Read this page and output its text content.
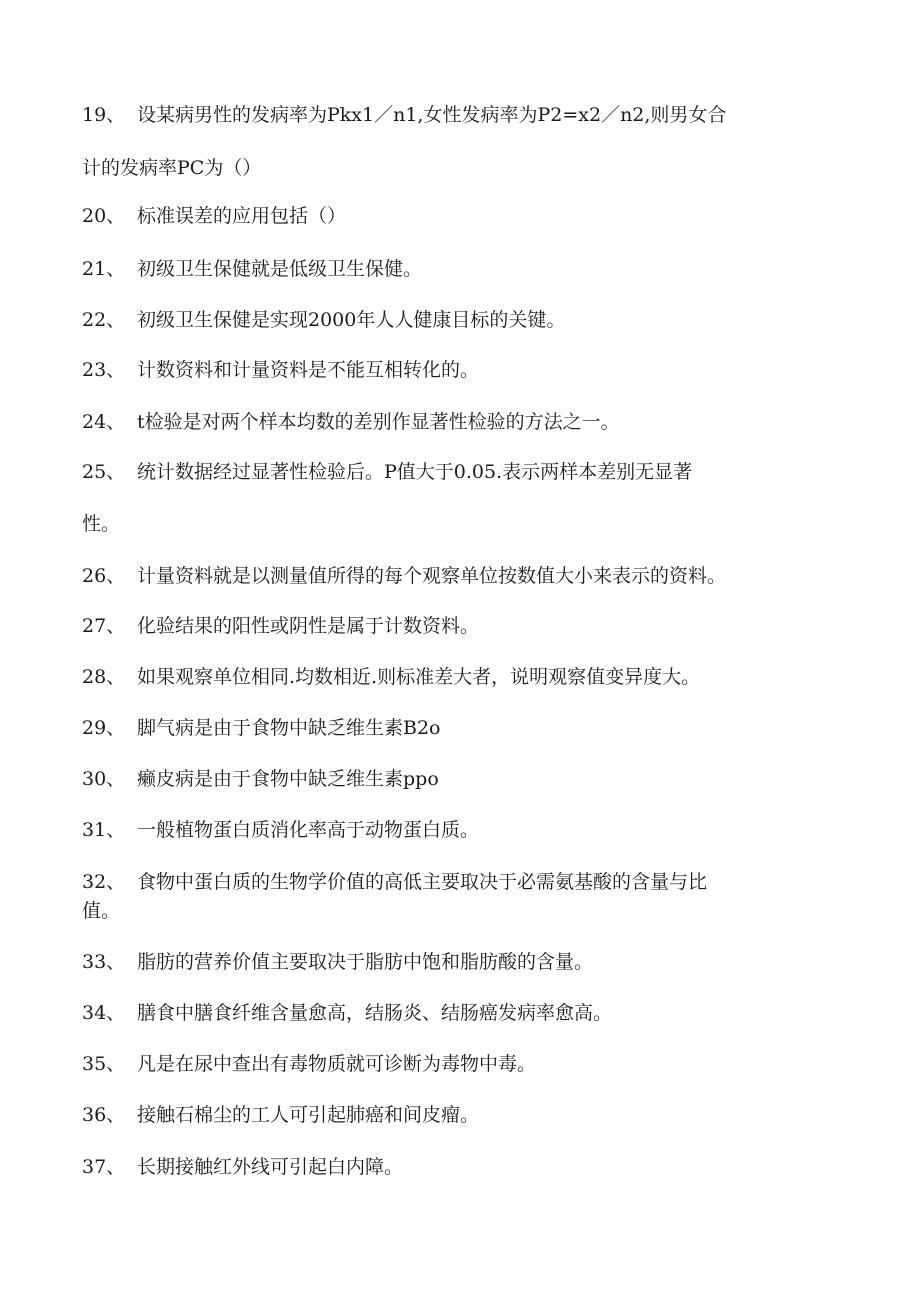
19、 设某病男性的发病率为Pkx1／n1,女性发病率为P2=x2／n2,则男女合
计的发病率PC为（）
20、 标准误差的应用包括（）
21、 初级卫生保健就是低级卫生保健。
22、 初级卫生保健是实现2000年人人健康目标的关键。
23、 计数资料和计量资料是不能互相转化的。
24、 t检验是对两个样本均数的差别作显著性检验的方法之一。
25、 统计数据经过显著性检验后。P值大于0.05.表示两样本差别无显著
性。
26、 计量资料就是以测量值所得的每个观察单位按数值大小来表示的资料。
27、 化验结果的阳性或阴性是属于计数资料。
28、 如果观察单位相同.均数相近.则标准差大者，说明观察值变异度大。
29、 脚气病是由于食物中缺乏维生素B2o
30、 癞皮病是由于食物中缺乏维生素ppo
31、 一般植物蛋白质消化率高于动物蛋白质。
32、 食物中蛋白质的生物学价值的高低主要取决于必需氨基酸的含量与比
值。
33、 脂肪的营养价值主要取决于脂肪中饱和脂肪酸的含量。
34、 膳食中膳食纤维含量愈高，结肠炎、结肠癌发病率愈高。
35、 凡是在尿中查出有毒物质就可诊断为毒物中毒。
36、 接触石棉尘的工人可引起肺癌和间皮瘤。
37、 长期接触红外线可引起白内障。
